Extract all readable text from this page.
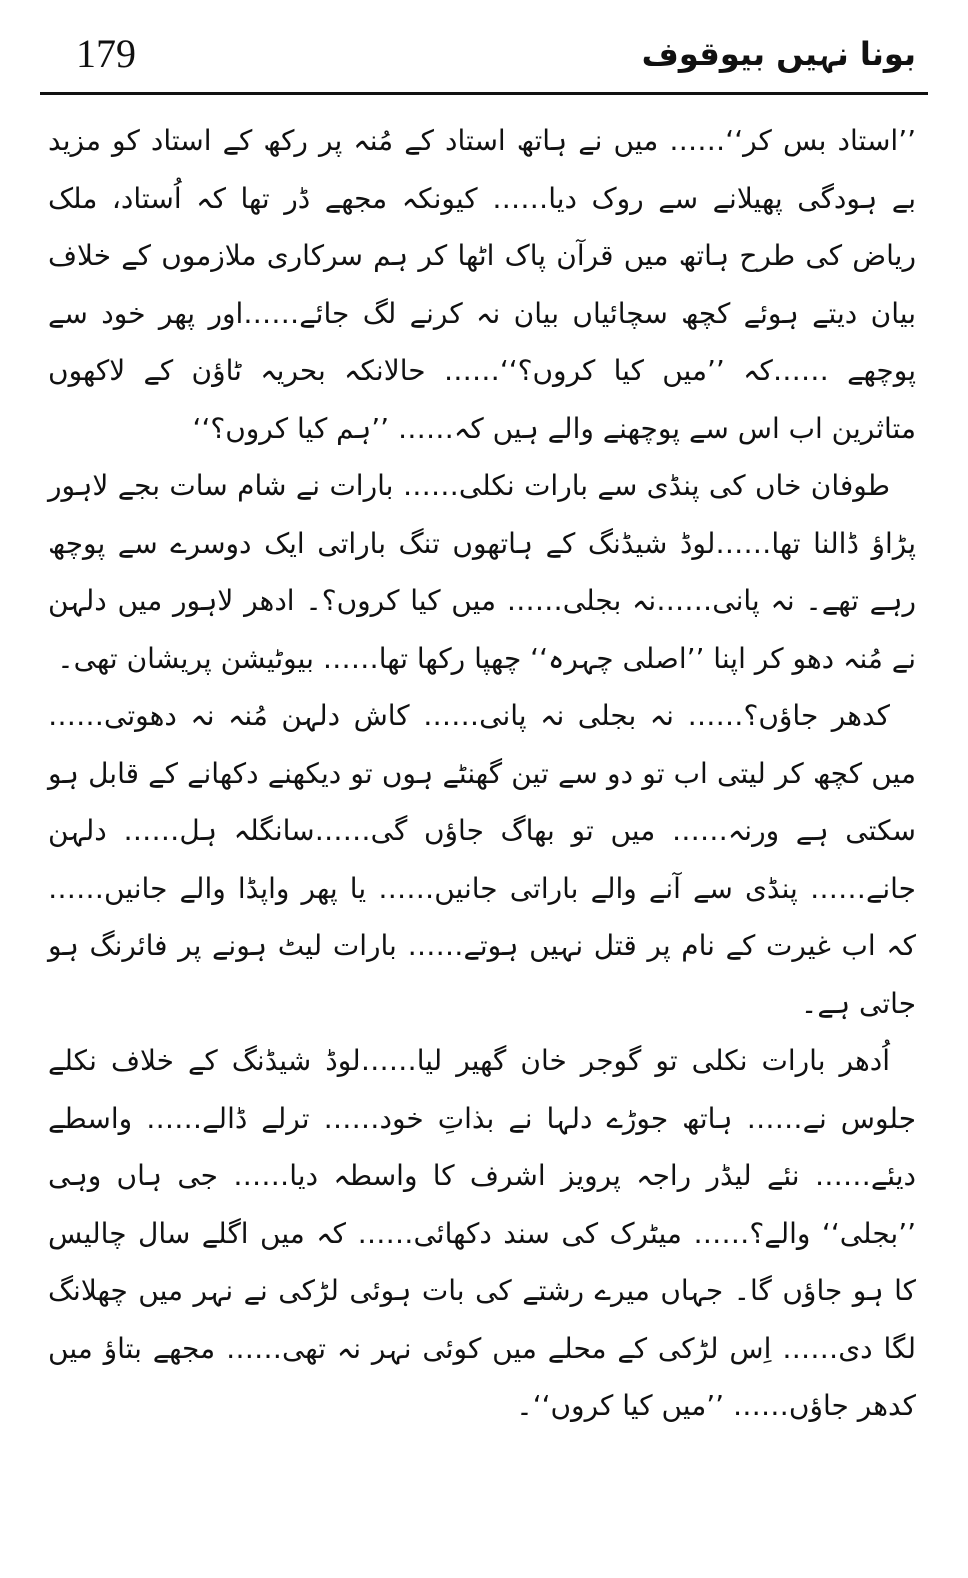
179	بونا نہیں بیوقوف

’’استاد بس کر‘‘…… میں نے ہاتھ استاد کے مُنہ پر رکھ کے استاد کو مزید بے ہودگی پھیلانے سے روک دیا…… کیونکہ مجھے ڈر تھا کہ اُستاد، ملک ریاض کی طرح ہاتھ میں قرآن پاک اٹھا کر ہم سرکاری ملازموں کے خلاف بیان دیتے ہوئے کچھ سچائیاں بیان نہ کرنے لگ جائے……اور پھر خود سے پوچھے ……کہ ’’میں کیا کروں؟‘‘…… حالانکہ بحریہ ٹاؤن کے لاکھوں متاثرین اب اس سے پوچھنے والے ہیں کہ…… ’’ہم کیا کروں؟‘‘

طوفان خاں کی پنڈی سے بارات نکلی…… بارات نے شام سات بجے لاہور پڑاؤ ڈالنا تھا……لوڈ شیڈنگ کے ہاتھوں تنگ باراتی ایک دوسرے سے پوچھ رہے تھے۔ نہ پانی……نہ بجلی…… میں کیا کروں؟۔ ادھر لاہور میں دلہن نے مُنہ دھو کر اپنا ’’اصلی چہرہ‘‘ چھپا رکھا تھا…… بیوٹیشن پریشان تھی۔

کدھر جاؤں؟…… نہ بجلی نہ پانی…… کاش دلہن مُنہ نہ دھوتی…… میں کچھ کر لیتی اب تو دو سے تین گھنٹے ہوں تو دیکھنے دکھانے کے قابل ہو سکتی ہے ورنہ…… میں تو بھاگ جاؤں گی……سانگلہ ہل…… دلہن جانے…… پنڈی سے آنے والے باراتی جانیں…… یا پھر واپڈا والے جانیں…… کہ اب غیرت کے نام پر قتل نہیں ہوتے…… بارات لیٹ ہونے پر فائرنگ ہو جاتی ہے۔

اُدھر بارات نکلی تو گوجر خان گھیر لیا……لوڈ شیڈنگ کے خلاف نکلے جلوس نے…… ہاتھ جوڑے دلہا نے بذاتِ خود…… ترلے ڈالے…… واسطے دیئے…… نئے لیڈر راجہ پرویز اشرف کا واسطہ دیا…… جی ہاں وہی ’’بجلی‘‘ والے؟…… میٹرک کی سند دکھائی…… کہ میں اگلے سال چالیس کا ہو جاؤں گا۔ جہاں میرے رشتے کی بات ہوئی لڑکی نے نہر میں چھلانگ لگا دی…… اِس لڑکی کے محلے میں کوئی نہر نہ تھی…… مجھے بتاؤ میں کدھر جاؤں…… ’’میں کیا کروں‘‘۔
